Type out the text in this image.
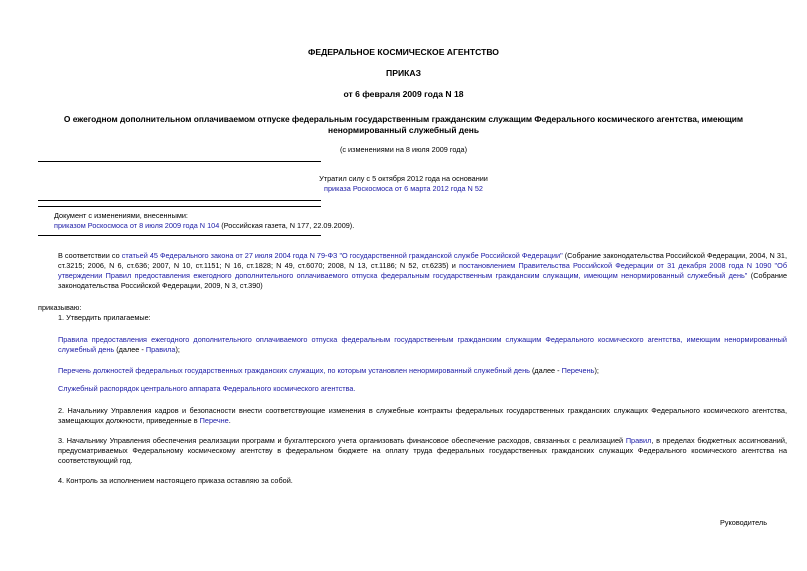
ФЕДЕРАЛЬНОЕ КОСМИЧЕСКОЕ АГЕНТСТВО
ПРИКАЗ
от 6 февраля 2009 года N 18
О ежегодном дополнительном оплачиваемом отпуске федеральным государственным гражданским служащим Федерального космического агентства, имеющим ненормированный служебный день
(с изменениями на 8 июля 2009 года)
Утратил силу с 5 октября 2012 года на основании
приказа Роскосмоса от 6 марта 2012 года N 52
Документ с изменениями, внесенными:
приказом Роскосмоса от 8 июля 2009 года N 104 (Российская газета, N 177, 22.09.2009).
В соответствии со статьей 45 Федерального закона от 27 июля 2004 года N 79-ФЗ "О государственной гражданской службе Российской Федерации" (Собрание законодательства Российской Федерации, 2004, N 31, ст.3215; 2006, N 6, ст.636; 2007, N 10, ст.1151; N 16, ст.1828; N 49, ст.6070; 2008, N 13, ст.1186; N 52, ст.6235) и постановлением Правительства Российской Федерации от 31 декабря 2008 года N 1090 "Об утверждении Правил предоставления ежегодного дополнительного оплачиваемого отпуска федеральным государственным гражданским служащим, имеющим ненормированный служебный день" (Собрание законодательства Российской Федерации, 2009, N 3, ст.390)
приказываю:
1. Утвердить прилагаемые:
Правила предоставления ежегодного дополнительного оплачиваемого отпуска федеральным государственным гражданским служащим Федерального космического агентства, имеющим ненормированный служебный день (далее - Правила);
Перечень должностей федеральных государственных гражданских служащих, по которым установлен ненормированный служебный день (далее - Перечень);
Служебный распорядок центрального аппарата Федерального космического агентства.
2. Начальнику Управления кадров и безопасности внести соответствующие изменения в служебные контракты федеральных государственных гражданских служащих Федерального космического агентства, замещающих должности, приведенные в Перечне.
3. Начальнику Управления обеспечения реализации программ и бухгалтерского учета организовать финансовое обеспечение расходов, связанных с реализацией Правил, в пределах бюджетных ассигнований, предусматриваемых Федеральному космическому агентству в федеральном бюджете на оплату труда федеральных государственных гражданских служащих Федерального космического агентства на соответствующий год.
4. Контроль за исполнением настоящего приказа оставляю за собой.
Руководитель
